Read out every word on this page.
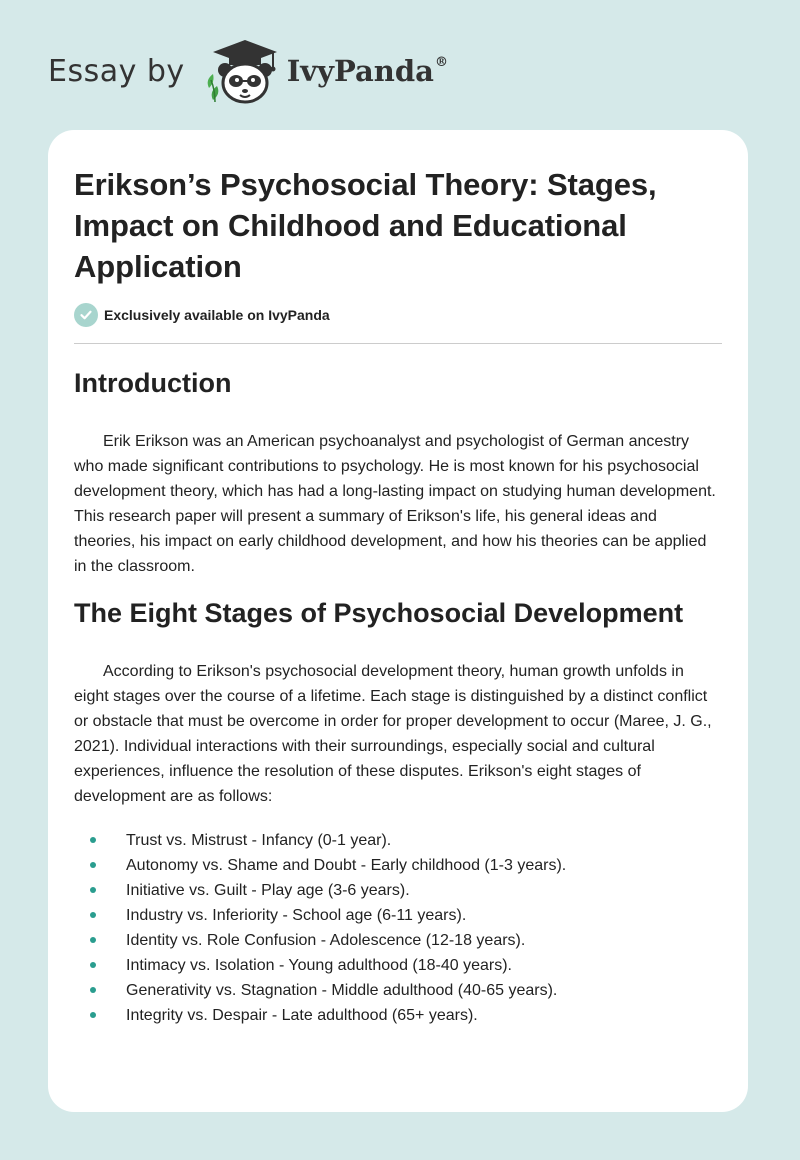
Essay by	IvyPanda®
Erikson’s Psychosocial Theory: Stages, Impact on Childhood and Educational Application
Exclusively available on IvyPanda
Introduction

Erik Erikson was an American psychoanalyst and psychologist of German ancestry who made significant contributions to psychology. He is most known for his psychosocial development theory, which has had a long-lasting impact on studying human development. This research paper will present a summary of Erikson's life, his general ideas and theories, his impact on early childhood development, and how his theories can be applied in the classroom.

The Eight Stages of Psychosocial Development

According to Erikson's psychosocial development theory, human growth unfolds in eight stages over the course of a lifetime. Each stage is distinguished by a distinct conflict or obstacle that must be overcome in order for proper development to occur (Maree, J. G., 2021). Individual interactions with their surroundings, especially social and cultural experiences, influence the resolution of these disputes. Erikson's eight stages of development are as follows:

Trust vs. Mistrust - Infancy (0-1 year).
Autonomy vs. Shame and Doubt - Early childhood (1-3 years).
Initiative vs. Guilt - Play age (3-6 years).
Industry vs. Inferiority - School age (6-11 years).
Identity vs. Role Confusion - Adolescence (12-18 years).
Intimacy vs. Isolation - Young adulthood (18-40 years).
Generativity vs. Stagnation - Middle adulthood (40-65 years).
Integrity vs. Despair - Late adulthood (65+ years).
